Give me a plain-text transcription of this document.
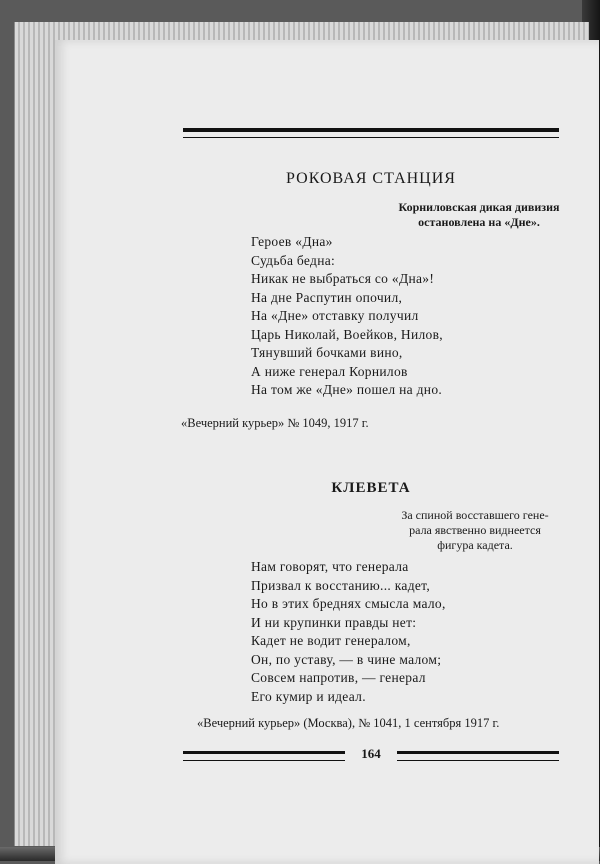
РОКОВАЯ СТАНЦИЯ
Корниловская дикая дивизия
остановлена на «Дне».
Героев «Дна»
Судьба бедна:
Никак не выбраться со «Дна»!
На дне Распутин опочил,
На «Дне» отставку получил
Царь Николай, Воейков, Нилов,
Тянувший бочками вино,
А ниже генерал Корнилов
На том же «Дне» пошел на дно.
«Вечерний курьер» № 1049, 1917 г.
КЛЕВЕТА
За спиной восставшего гене-
рала явственно виднеется
фигура кадета.
Нам говорят, что генерала
Призвал к восстанию... кадет,
Но в этих бреднях смысла мало,
И ни крупинки правды нет:
Кадет не водит генералом,
Он, по уставу, — в чине малом;
Совсем напротив, — генерал
Его кумир и идеал.
«Вечерний курьер» (Москва), № 1041, 1 сентября 1917 г.
164
